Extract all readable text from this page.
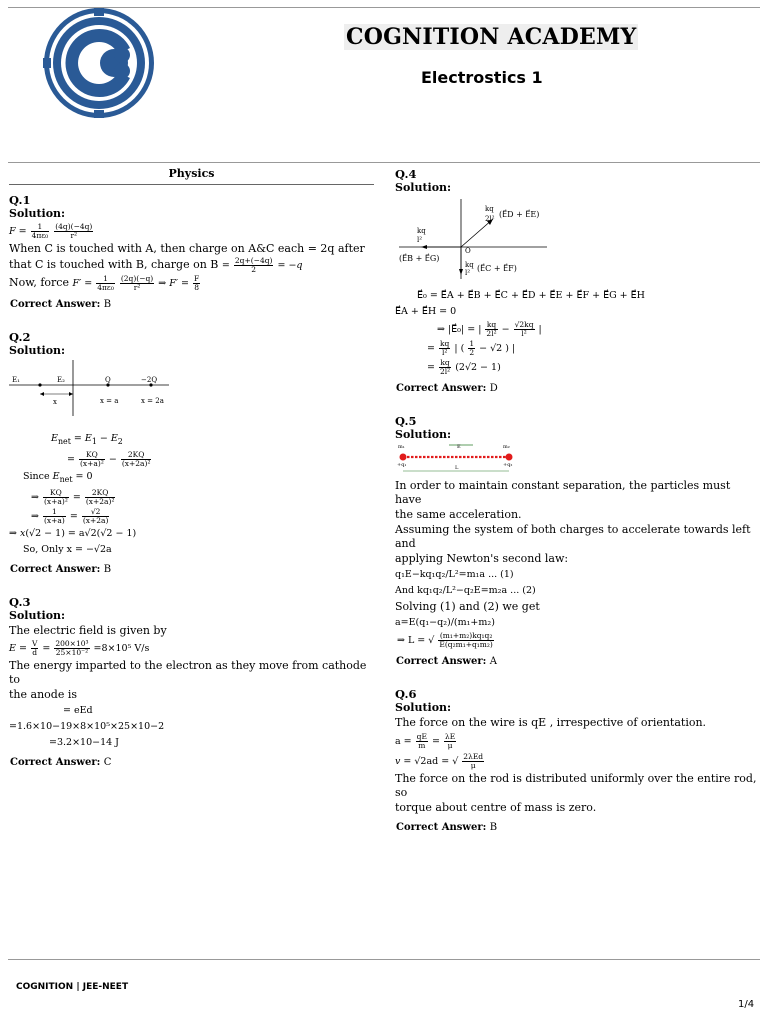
COGNITION ACADEMY
Electrostics 1
Physics
Q.1
Solution:
$F = \frac{1}{\text{4πε₀}}$
$\frac{(4q)(-4q)}{\text{r²}}$
When C is touched with A, then charge on A&C each = 2q after
that C is touched with B, charge on $B = \frac{2q+(-4q)}{2} = -q$
Now, force $F' = \frac{1}{\text{4πε₀}}$
$\frac{(2q)(-q)}{\text{r²}}$ ⇒ $F' = \frac{F}{8}$
Correct Answer: B
Q.2
Solution:
E₁	E₂	Q	−2Q
x	x = a	x = 2a
$E_{net} = E_1 - E_2$
= $\frac{KQ}{\text{(x+a)²}} - \frac{2KQ}{\text{(x+2a)²}}$
Since $E_{net} = 0$
⇒ $\frac{KQ}{\text{(x+a)²}} = \frac{2KQ}{\text{(x+2a)²}}$
⇒ $\frac{1}{(x+a)} = \frac{√2}{(x+2a)}$
⇒ x(√2 − 1) = a√2(√2 − 1)
So, Only x = −√2a
Correct Answer: B
Q.3
Solution:
The electric field is given by
$E = \frac{V}{d} = \frac{\text{200×10³}}{\text{25×10⁻²}} =8\times 10^5$ V/s
The energy imparted to the electron as they move from cathode to
the anode is
= eEd
=1.6×10−19×8×10⁵×25×10−2
=3.2×10−14 J
Correct Answer: C
Q.4
Solution:
O
kq
2l² (E⃗D + E⃗E)
kq
l²
(E⃗B + E⃗G)
kq
l² (E⃗C + E⃗F)
E⃗₀ = E⃗A + E⃗B + E⃗C + E⃗D + E⃗E + E⃗F + E⃗G + E⃗H
E⃗A + E⃗H = 0
⇒ |E⃗₀| = | $\frac{kq}{\text{2l²}} - \frac{√2kq}{\text{l²}}$ |
= $\frac{kq}{\text{l²}}$ | ( $\frac{1}{2} - √2$ ) |
= $\frac{kq}{\text{2l²}} (2√2 - 1)$
Correct Answer: D
Q.5
Solution:
m₁	m₂
E
+q₁	+q₂
L
In order to maintain constant separation, the particles must have
the same acceleration.
Assuming the system of both charges to accelerate towards left and
applying Newton's second law:
q₁E−kq₁q₂/L²=m₁a ... (1)
And kq₁q₂/L²−q₂E=m₂a ... (2)
Solving (1) and (2) we get
a=E(q₁−q₂)/(m₁+m₂)
⇒ L = √ $\frac{\text{(m₁+m₂)kq₁q₂}}{\text{E(q₂m₁+q₁m₂)}}$
Correct Answer: A
Q.6
Solution:
The force on the wire is qE , irrespective of orientation.
$a = \frac{qE}{m} = \frac{\lambda E}{\mu}$
v = √2ad = √ 2λEd
μ
The force on the rod is distributed uniformly over the entire rod, so
torque about centre of mass is zero.
Correct Answer: B
COGNITION | JEE-NEET
1/4
